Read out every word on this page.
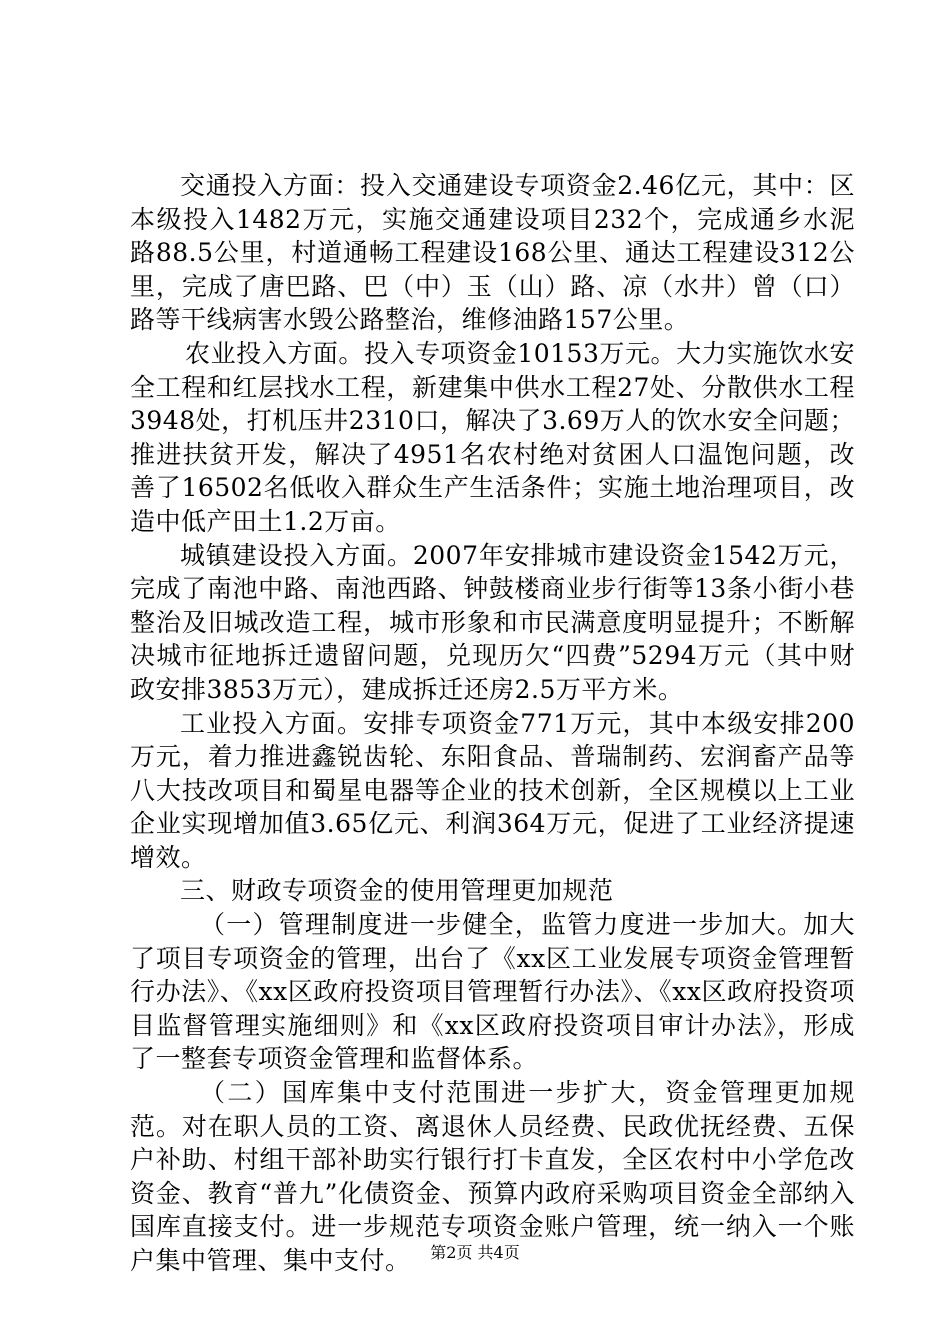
交通投入方面：投入交通建设专项资金2.46亿元，其中：区本级投入1482万元，实施交通建设项目232个，完成通乡水泥路88.5公里，村道通畅工程建设168公里、通达工程建设312公里，完成了唐巴路、巴（中）玉（山）路、凉（水井）曾（口）路等干线病害水毁公路整治，维修油路157公里。

农业投入方面。投入专项资金10153万元。大力实施饮水安全工程和红层找水工程，新建集中供水工程27处、分散供水工程3948处，打机压井2310口，解决了3.69万人的饮水安全问题；推进扶贫开发，解决了4951名农村绝对贫困人口温饱问题，改善了16502名低收入群众生产生活条件；实施土地治理项目，改造中低产田土1.2万亩。

城镇建设投入方面。2007年安排城市建设资金1542万元，完成了南池中路、南池西路、钟鼓楼商业步行街等13条小街小巷整治及旧城改造工程，城市形象和市民满意度明显提升；不断解决城市征地拆迁遗留问题，兑现历欠“四费”5294万元（其中财政安排3853万元），建成拆迁还房2.5万平方米。

工业投入方面。安排专项资金771万元，其中本级安排200万元，着力推进鑫锐齿轮、东阳食品、普瑞制药、宏润畜产品等八大技改项目和蜀星电器等企业的技术创新，全区规模以上工业企业实现增加值3.65亿元、利润364万元，促进了工业经济提速增效。

三、财政专项资金的使用管理更加规范

（一）管理制度进一步健全，监管力度进一步加大。加大了项目专项资金的管理，出台了《xx区工业发展专项资金管理暂行办法》、《xx区政府投资项目管理暂行办法》、《xx区政府投资项目监督管理实施细则》和《xx区政府投资项目审计办法》，形成了一整套专项资金管理和监督体系。

（二）国库集中支付范围进一步扩大，资金管理更加规范。对在职人员的工资、离退休人员经费、民政优抚经费、五保户补助、村组干部补助实行银行打卡直发，全区农村中小学危改资金、教育“普九”化债资金、预算内政府采购项目资金全部纳入国库直接支付。进一步规范专项资金账户管理，统一纳入一个账户集中管理、集中支付。	第2页 共4页
